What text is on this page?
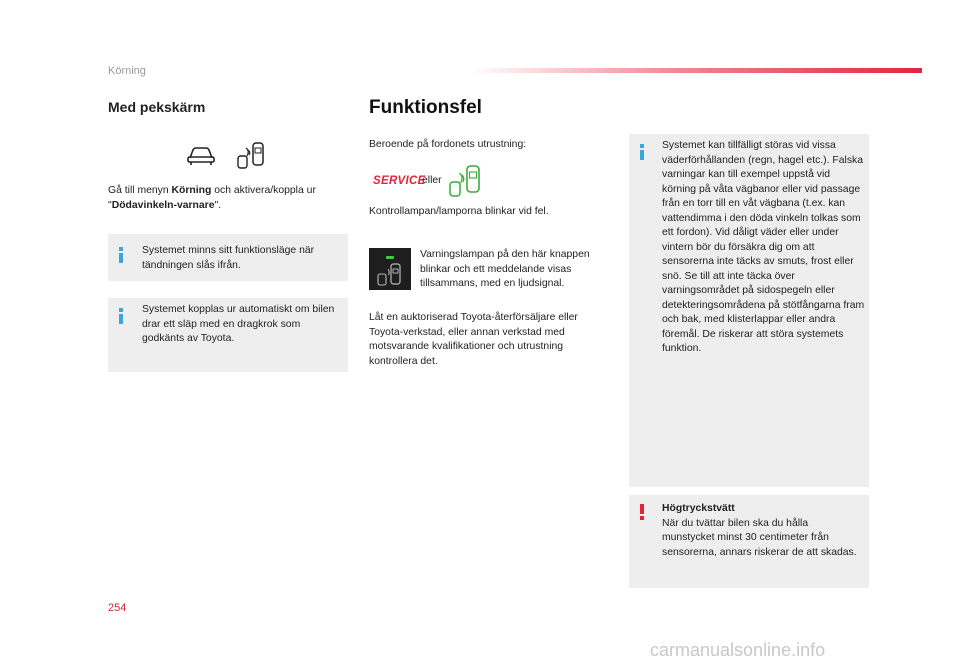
Körning
Med pekskärm
Gå till menyn Körning och aktivera/koppla ur "Dödavinkeln-varnare".
Systemet minns sitt funktionsläge när tändningen slås ifrån.
Systemet kopplas ur automatiskt om bilen drar ett släp med en dragkrok som godkänts av Toyota.
Funktionsfel
Beroende på fordonets utrustning:
SERVICE
eller
Kontrollampan/lamporna blinkar vid fel.
Varningslampan på den här knappen blinkar och ett meddelande visas tillsammans, med en ljudsignal.
Låt en auktoriserad Toyota-återförsäljare eller Toyota-verkstad, eller annan verkstad med motsvarande kvalifikationer och utrustning kontrollera det.
Systemet kan tillfälligt störas vid vissa väderförhållanden (regn, hagel etc.). Falska varningar kan till exempel uppstå vid körning på våta vägbanor eller vid passage från en torr till en våt vägbana (t.ex. kan vattendimma i den döda vinkeln tolkas som ett fordon). Vid dåligt väder eller under vintern bör du försäkra dig om att sensorerna inte täcks av smuts, frost eller snö. Se till att inte täcka över varningsområdet på sidospegeln eller detekteringsområdena på stötfångarna fram och bak, med klisterlappar eller andra föremål. De riskerar att störa systemets funktion.
Högtryckstvätt
När du tvättar bilen ska du hålla munstycket minst 30 centimeter från sensorerna, annars riskerar de att skadas.
254
carmanualsonline.info
